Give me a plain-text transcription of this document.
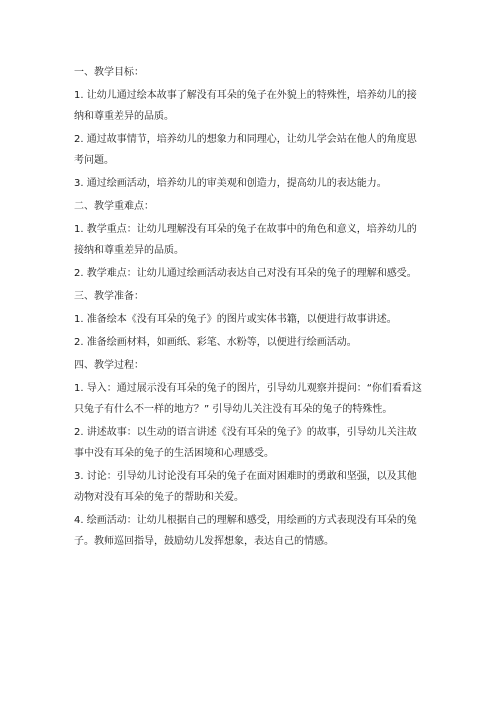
一、教学目标：
1. 让幼儿通过绘本故事了解没有耳朵的兔子在外貌上的特殊性，培养幼儿的接
纳和尊重差异的品质。
2. 通过故事情节，培养幼儿的想象力和同理心，让幼儿学会站在他人的角度思
考问题。
3. 通过绘画活动，培养幼儿的审美观和创造力，提高幼儿的表达能力。
二、教学重难点：
1. 教学重点：让幼儿理解没有耳朵的兔子在故事中的角色和意义，培养幼儿的
接纳和尊重差异的品质。
2. 教学难点：让幼儿通过绘画活动表达自己对没有耳朵的兔子的理解和感受。
三、教学准备：
1. 准备绘本《没有耳朵的兔子》的图片或实体书籍，以便进行故事讲述。
2. 准备绘画材料，如画纸、彩笔、水粉等，以便进行绘画活动。
四、教学过程：
1. 导入：通过展示没有耳朵的兔子的图片，引导幼儿观察并提问：“你们看看这
只兔子有什么不一样的地方？” 引导幼儿关注没有耳朵的兔子的特殊性。
2. 讲述故事：以生动的语言讲述《没有耳朵的兔子》的故事，引导幼儿关注故
事中没有耳朵的兔子的生活困境和心理感受。
3. 讨论：引导幼儿讨论没有耳朵的兔子在面对困难时的勇敢和坚强，以及其他
动物对没有耳朵的兔子的帮助和关爱。
4. 绘画活动：让幼儿根据自己的理解和感受，用绘画的方式表现没有耳朵的兔
子。教师巡回指导，鼓励幼儿发挥想象，表达自己的情感。
